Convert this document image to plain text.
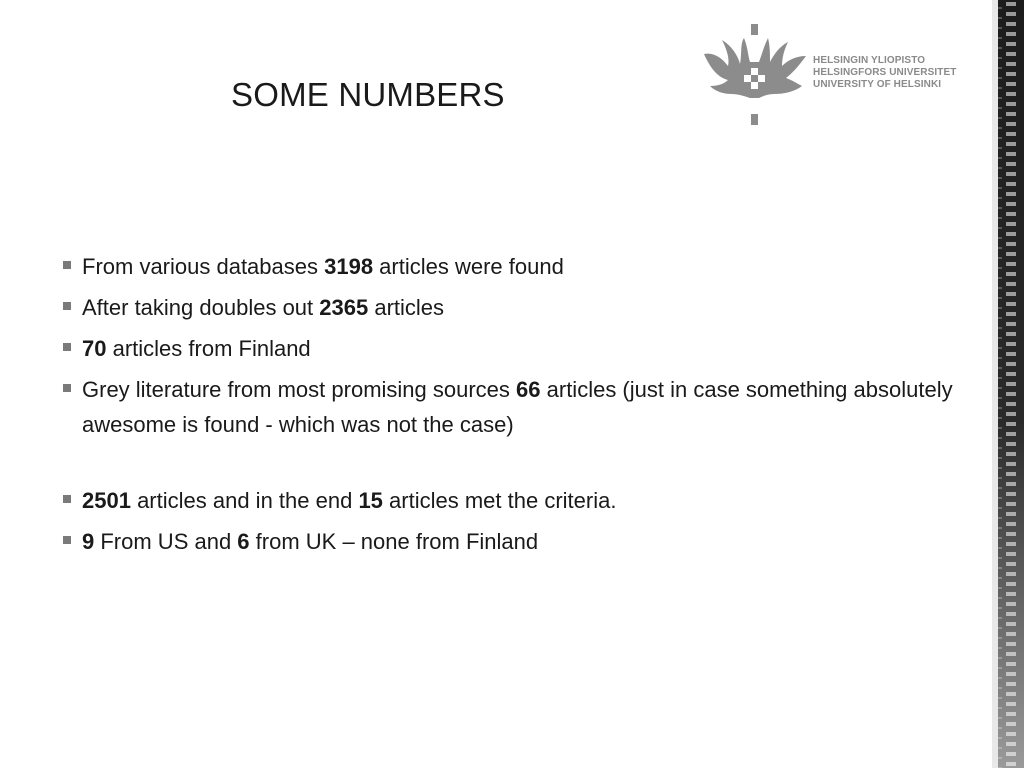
SOME NUMBERS
HELSINGIN YLIOPISTO
HELSINGFORS UNIVERSITET
UNIVERSITY OF HELSINKI
From various databases 3198 articles were found
After taking doubles out 2365 articles
70 articles from Finland
Grey literature from most promising sources 66 articles (just in case something absolutely awesome is found - which was not the case)
2501 articles and in the end 15 articles met the criteria.
9 From US and 6 from UK – none from Finland
